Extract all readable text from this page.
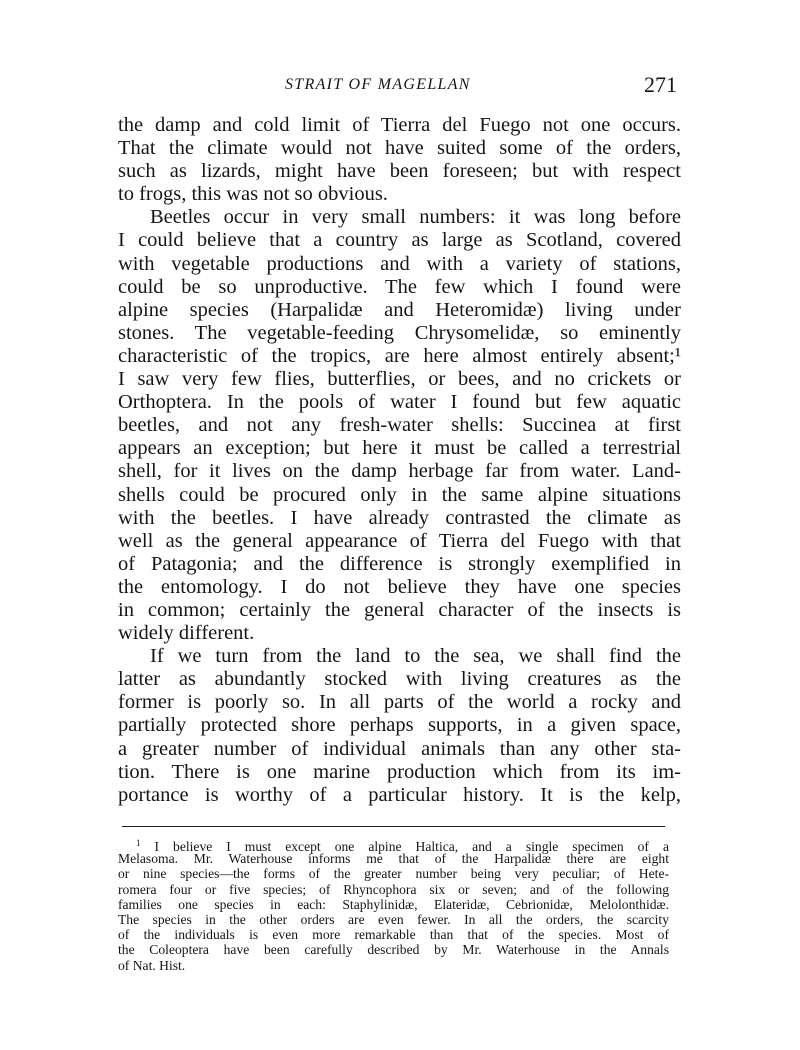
STRAIT OF MAGELLAN	271
the damp and cold limit of Tierra del Fuego not one occurs.
That the climate would not have suited some of the orders,
such as lizards, might have been foreseen; but with respect
to frogs, this was not so obvious.
Beetles occur in very small numbers: it was long before
I could believe that a country as large as Scotland, covered
with vegetable productions and with a variety of stations,
could be so unproductive. The few which I found were
alpine species (Harpalidæ and Heteromidæ) living under
stones. The vegetable-feeding Chrysomelidæ, so eminently
characteristic of the tropics, are here almost entirely absent;¹
I saw very few flies, butterflies, or bees, and no crickets or
Orthoptera. In the pools of water I found but few aquatic
beetles, and not any fresh-water shells: Succinea at first
appears an exception; but here it must be called a terrestrial
shell, for it lives on the damp herbage far from water. Land-
shells could be procured only in the same alpine situations
with the beetles. I have already contrasted the climate as
well as the general appearance of Tierra del Fuego with that
of Patagonia; and the difference is strongly exemplified in
the entomology. I do not believe they have one species
in common; certainly the general character of the insects is
widely different.
If we turn from the land to the sea, we shall find the
latter as abundantly stocked with living creatures as the
former is poorly so. In all parts of the world a rocky and
partially protected shore perhaps supports, in a given space,
a greater number of individual animals than any other sta-
tion. There is one marine production which from its im-
portance is worthy of a particular history. It is the kelp,
$^1$ I believe I must except one alpine Haltica, and a single specimen of a
Melasoma. Mr. Waterhouse informs me that of the Harpalidæ there are eight
or nine species—the forms of the greater number being very peculiar; of Hete-
romera four or five species; of Rhyncophora six or seven; and of the following
families one species in each: Staphylinidæ, Elateridæ, Cebrionidæ, Melolonthidæ.
The species in the other orders are even fewer. In all the orders, the scarcity
of the individuals is even more remarkable than that of the species. Most of
the Coleoptera have been carefully described by Mr. Waterhouse in the Annals
of Nat. Hist.
